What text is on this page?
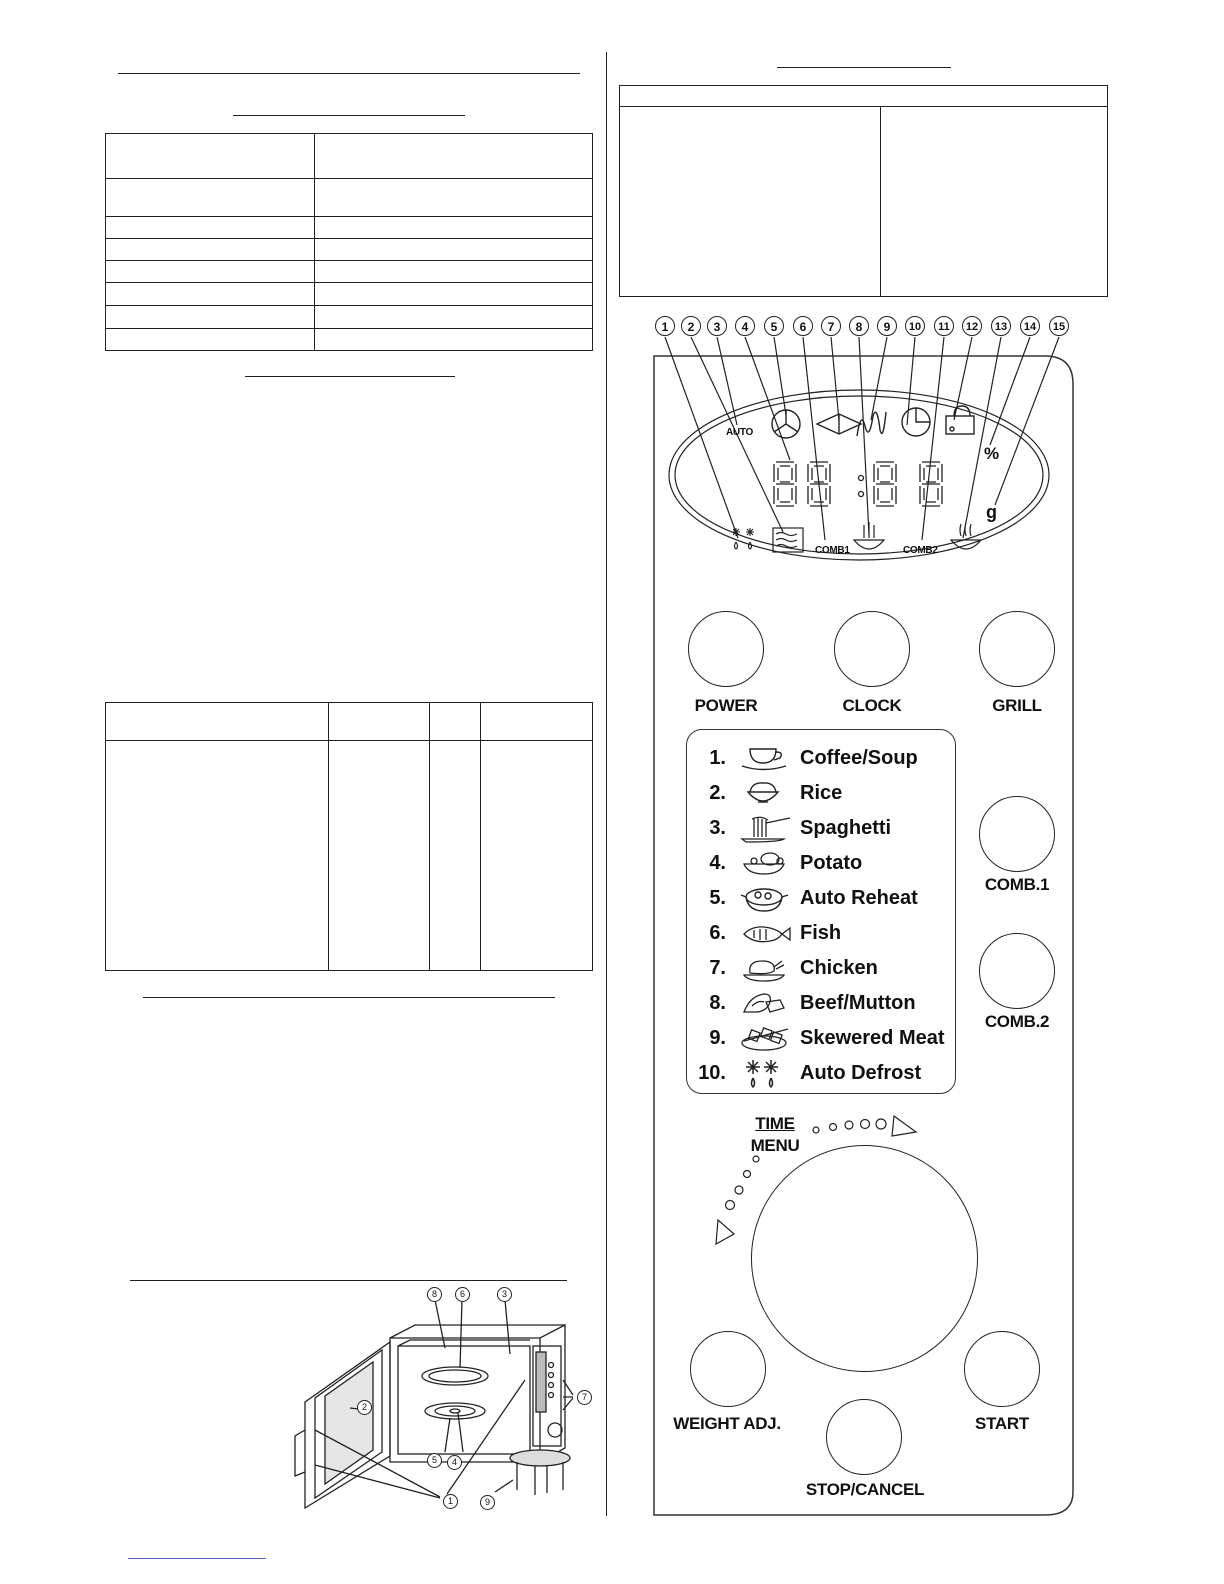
8	6	3
2
7
5	4
1	9

1	2	3	4	5	6	7	8	9	10	11	12	13	14	15
AUTO
COMB1	COMB2
%
g
POWER	CLOCK	GRILL
1.	Coffee/Soup
2.	Rice
3.	Spaghetti
4.	Potato
5.	Auto Reheat
6.	Fish
7.	Chicken
8.	Beef/Mutton
9.	Skewered Meat
10.	Auto Defrost
COMB.1
COMB.2
TIME
MENU
WEIGHT ADJ.	START
STOP/CANCEL
